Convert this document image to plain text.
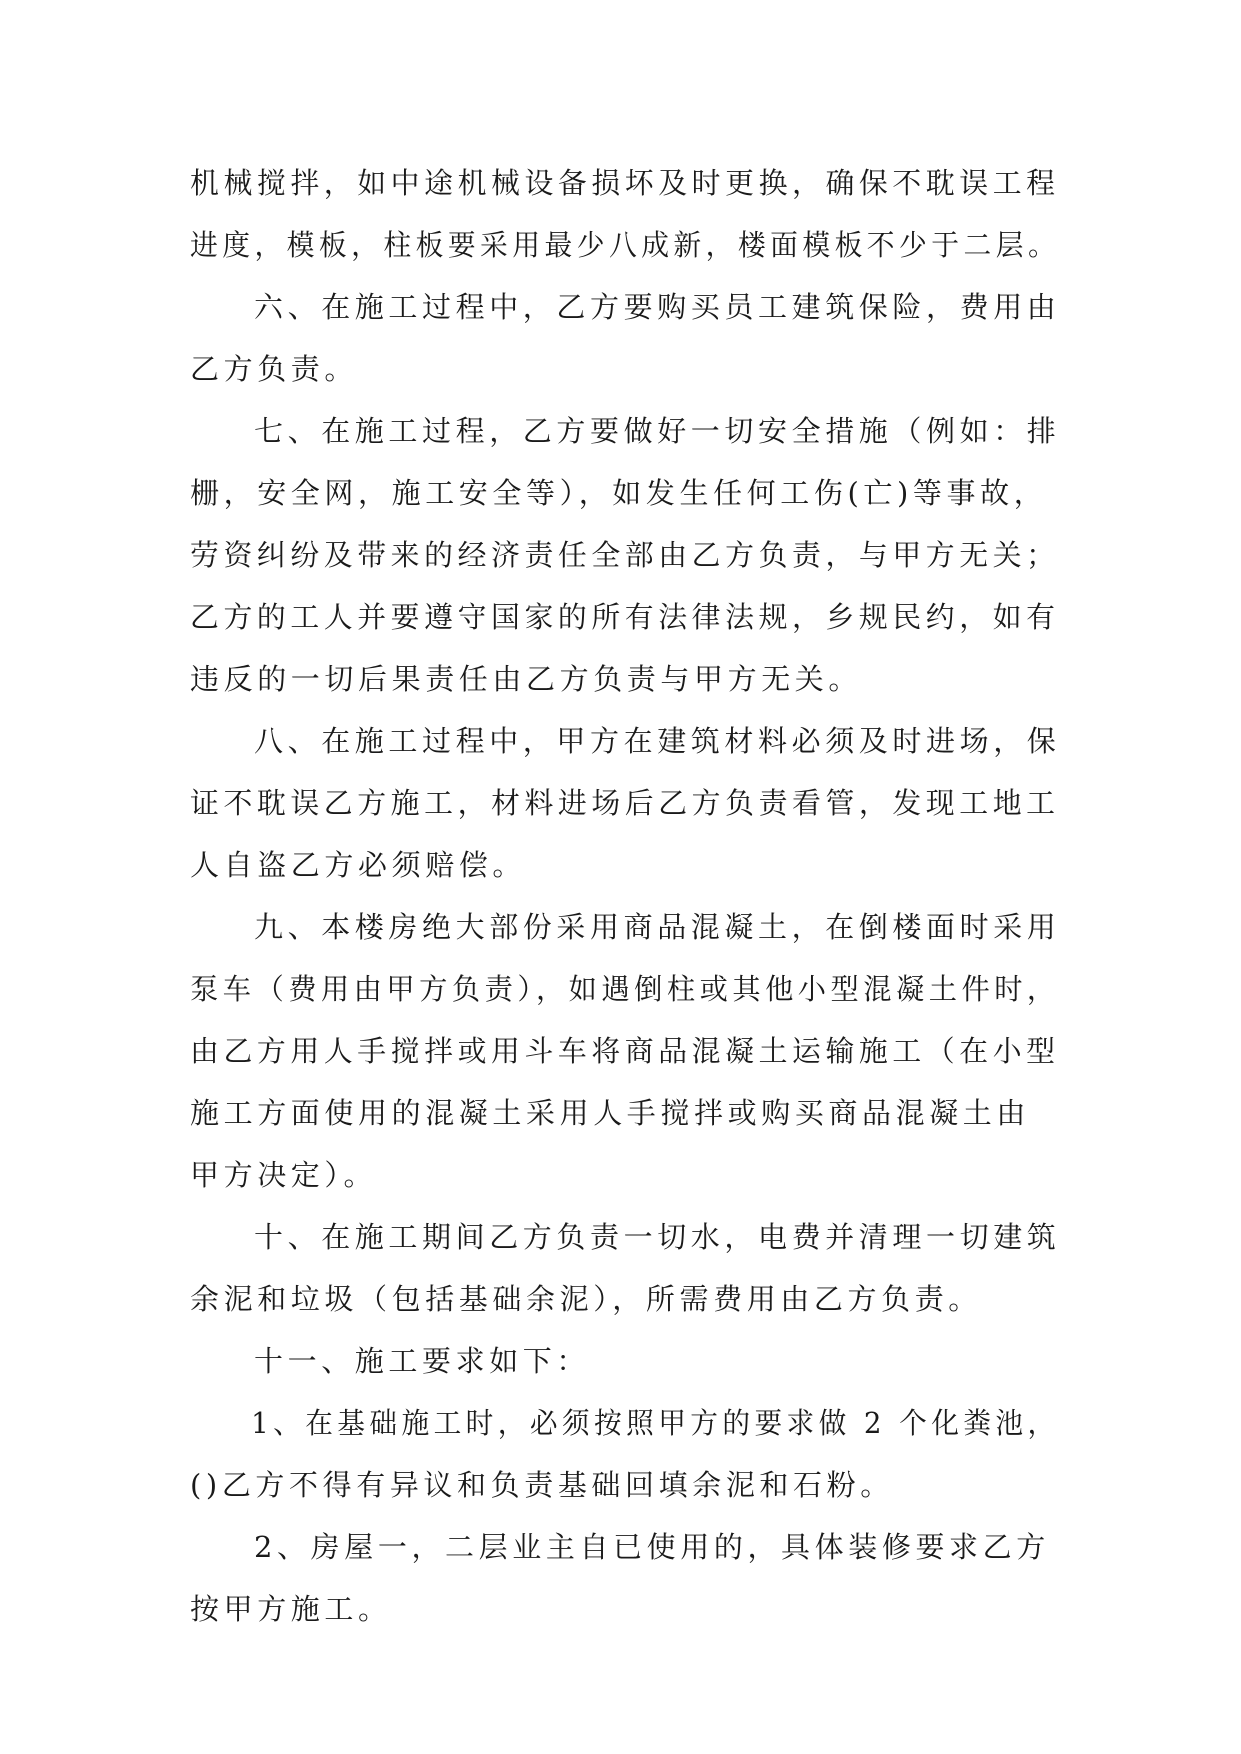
机械搅拌，如中途机械设备损坏及时更换，确保不耽误工程
进度，模板，柱板要采用最少八成新，楼面模板不少于二层。

六、在施工过程中，乙方要购买员工建筑保险，费用由
乙方负责。

七、在施工过程，乙方要做好一切安全措施（例如：排
栅，安全网，施工安全等），如发生任何工伤(亡)等事故，
劳资纠纷及带来的经济责任全部由乙方负责，与甲方无关；
乙方的工人并要遵守国家的所有法律法规，乡规民约，如有
违反的一切后果责任由乙方负责与甲方无关。

八、在施工过程中，甲方在建筑材料必须及时进场，保
证不耽误乙方施工，材料进场后乙方负责看管，发现工地工
人自盗乙方必须赔偿。

九、本楼房绝大部份采用商品混凝土，在倒楼面时采用
泵车（费用由甲方负责），如遇倒柱或其他小型混凝土件时，
由乙方用人手搅拌或用斗车将商品混凝土运输施工（在小型
施工方面使用的混凝土采用人手搅拌或购买商品混凝土由
甲方决定）。

十、在施工期间乙方负责一切水，电费并清理一切建筑
余泥和垃圾（包括基础余泥），所需费用由乙方负责。

十一、施工要求如下：

1、在基础施工时，必须按照甲方的要求做 2 个化粪池，
()乙方不得有异议和负责基础回填余泥和石粉。

2、房屋一，二层业主自已使用的，具体装修要求乙方
按甲方施工。
